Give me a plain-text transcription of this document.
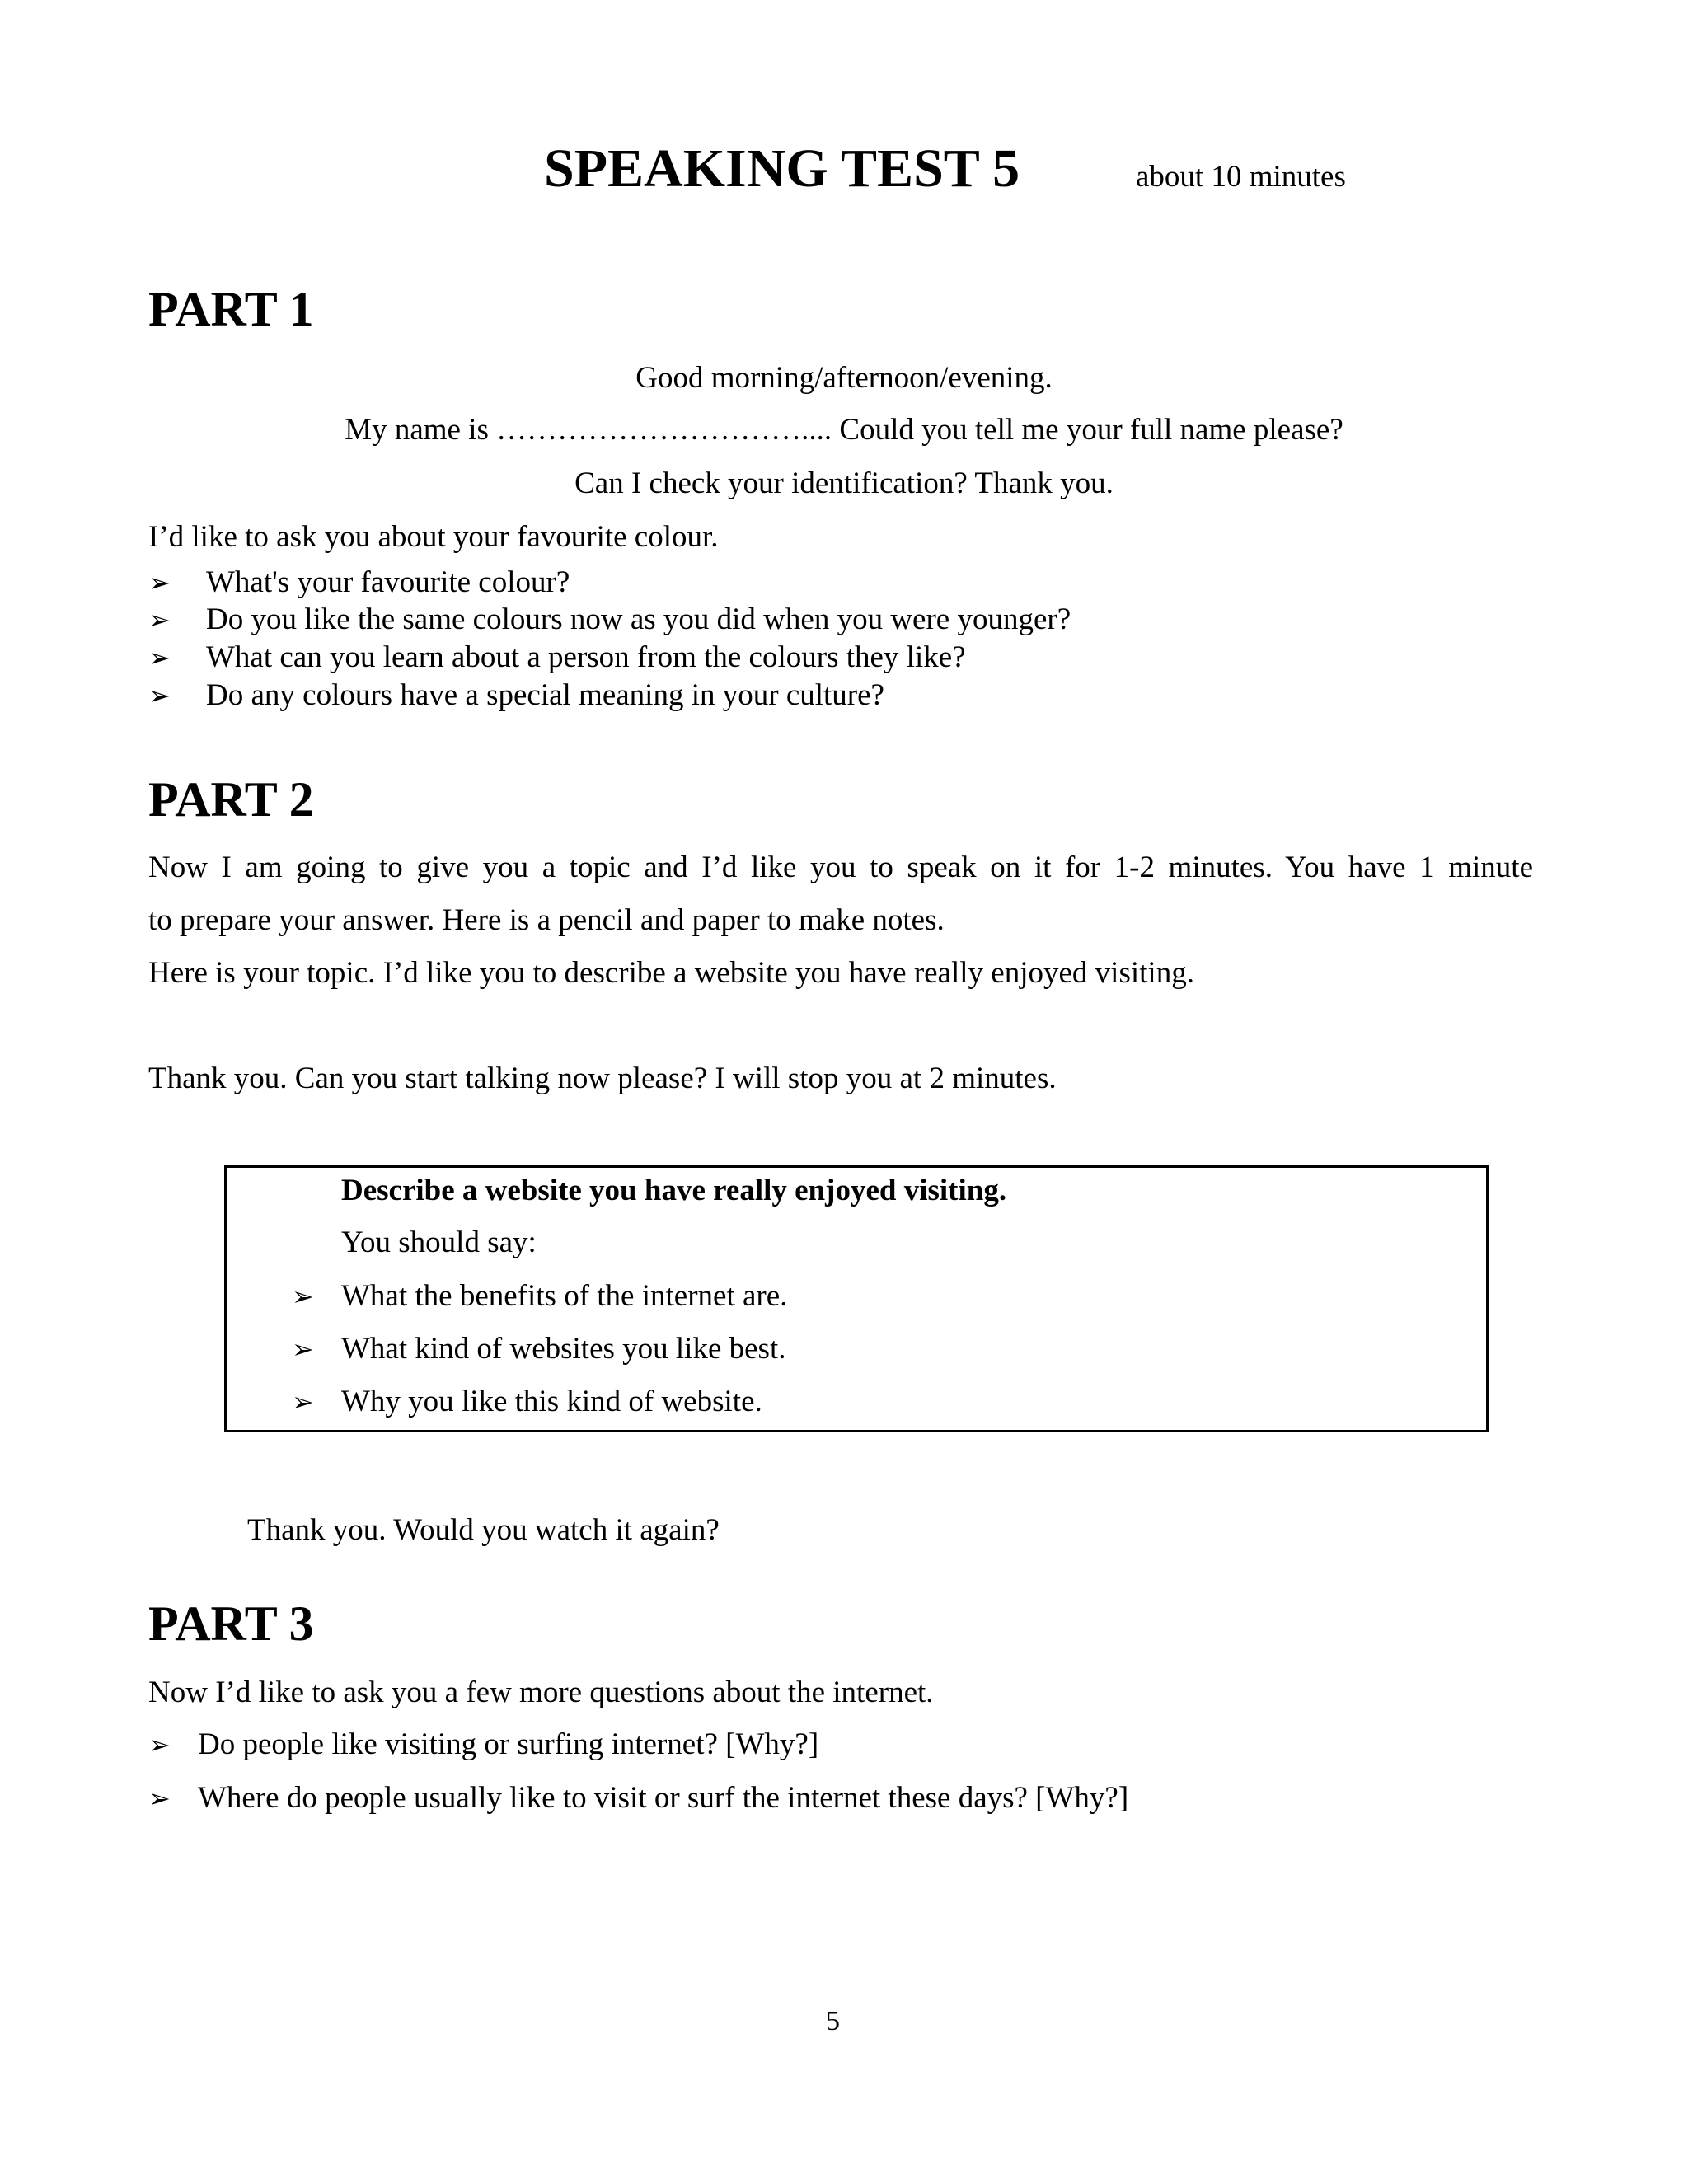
SPEAKING TEST 5	about 10 minutes
PART 1
Good morning/afternoon/evening.
My name is ………………………….... Could you tell me your full name please?
Can I check your identification? Thank you.
I’d like to ask you about your favourite colour.
➢ What's your favourite colour?
➢ Do you like the same colours now as you did when you were younger?
➢ What can you learn about a person from the colours they like?
➢ Do any colours have a special meaning in your culture?
PART 2
Now I am going to give you a topic and I’d like you to speak on it for 1-2 minutes. You have 1 minute
to prepare your answer. Here is a pencil and paper to make notes.
Here is your topic. I’d like you to describe a website you have really enjoyed visiting.
Thank you. Can you start talking now please? I will stop you at 2 minutes.
Describe a website you have really enjoyed visiting.
You should say:
➢ What the benefits of the internet are.
➢ What kind of websites you like best.
➢ Why you like this kind of website.
Thank you. Would you watch it again?
PART 3
Now I’d like to ask you a few more questions about the internet.
➢ Do people like visiting or surfing internet? [Why?]
➢ Where do people usually like to visit or surf the internet these days? [Why?]
5
